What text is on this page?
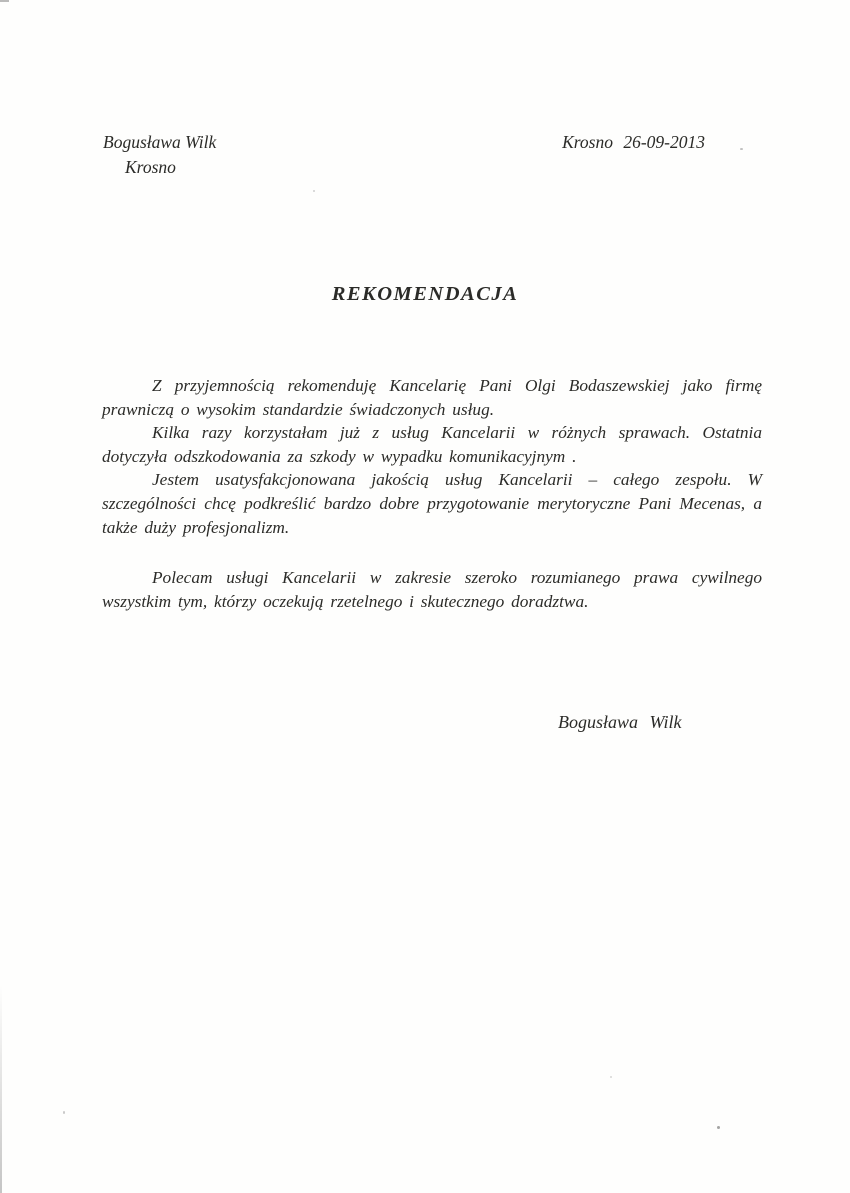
Bogusława Wilk
Krosno
Krosno 26-09-2013
REKOMENDACJA

Z przyjemnością rekomenduję Kancelarię Pani Olgi Bodaszewskiej jako firmę prawniczą o wysokim standardzie świadczonych usług.

Kilka razy korzystałam już z usług Kancelarii w różnych sprawach. Ostatnia dotyczyła odszkodowania za szkody w wypadku komunikacyjnym .

Jestem usatysfakcjonowana jakością usług Kancelarii – całego zespołu. W szczególności chcę podkreślić bardzo dobre przygotowanie merytoryczne Pani Mecenas, a także duży profesjonalizm.

Polecam usługi Kancelarii w zakresie szeroko rozumianego prawa cywilnego wszystkim tym, którzy oczekują rzetelnego i skutecznego doradztwa.

Bogusława Wilk
